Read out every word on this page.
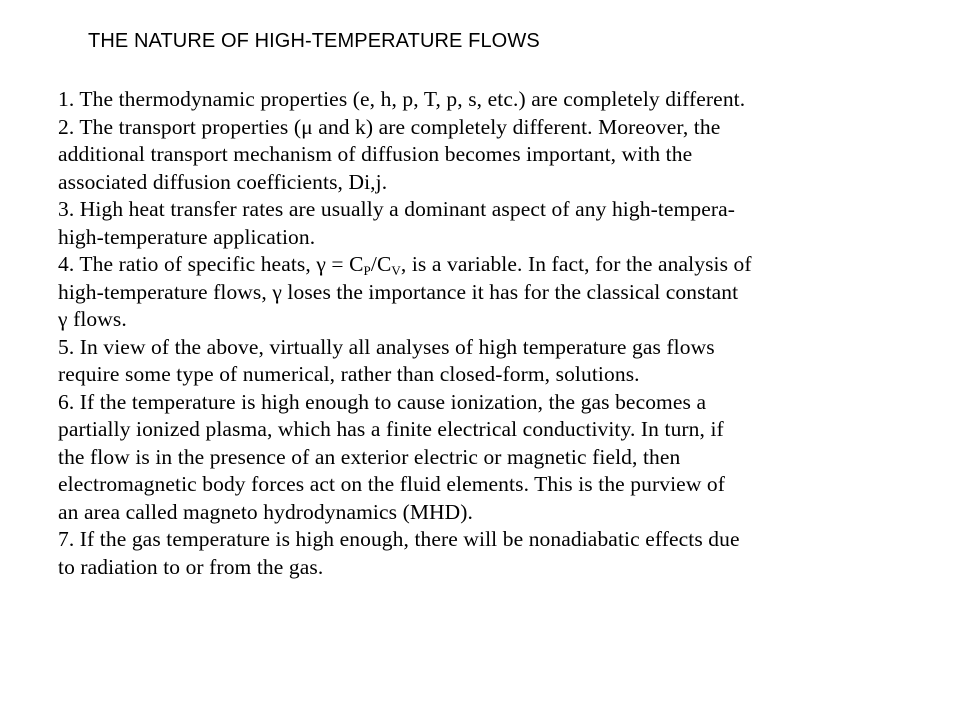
THE NATURE OF HIGH-TEMPERATURE FLOWS
1. The thermodynamic properties (e, h, p, T, p, s, etc.) are completely different.
2. The transport properties (μ and k) are completely different. Moreover, the
additional transport mechanism of diffusion becomes important, with the
associated diffusion coefficients, Di,j.
3. High heat transfer rates are usually a dominant aspect of any high-tempera-
high-temperature application.
4. The ratio of specific heats, $\gamma = C_P/C_V$, is a variable. In fact, for the analysis of
high-temperature flows, γ loses the importance it has for the classical constant
γ flows.
5. In view of the above, virtually all analyses of high temperature gas flows
require some type of numerical, rather than closed-form, solutions.
6. If the temperature is high enough to cause ionization, the gas becomes a
partially ionized plasma, which has a finite electrical conductivity. In turn, if
the flow is in the presence of an exterior electric or magnetic field, then
electromagnetic body forces act on the fluid elements. This is the purview of
an area called magneto hydrodynamics (MHD).
7. If the gas temperature is high enough, there will be nonadiabatic effects due
to radiation to or from the gas.
